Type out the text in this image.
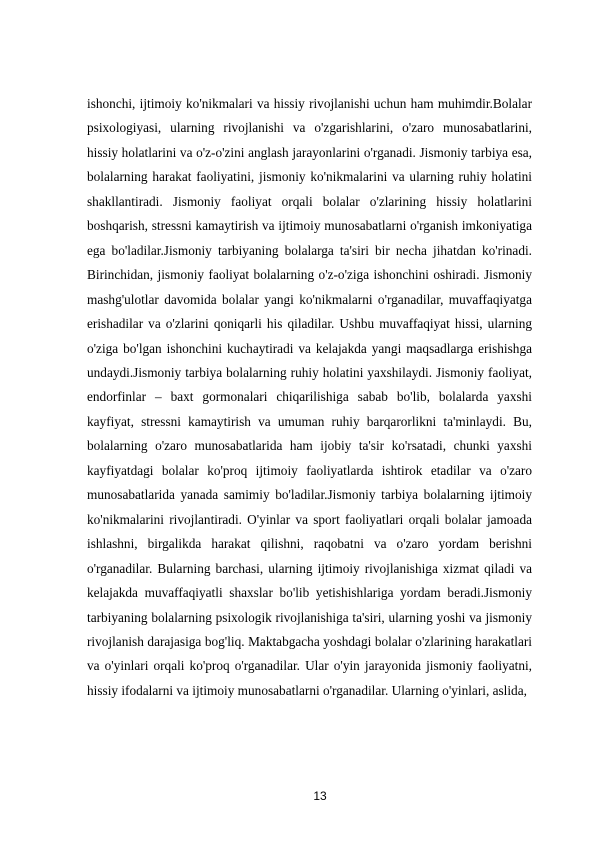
ishonchi, ijtimoiy ko'nikmalari va hissiy rivojlanishi uchun ham muhimdir.Bolalar psixologiyasi, ularning rivojlanishi va o'zgarishlarini, o'zaro munosabatlarini, hissiy holatlarini va o'z-o'zini anglash jarayonlarini o'rganadi. Jismoniy tarbiya esa, bolalarning harakat faoliyatini, jismoniy ko'nikmalarini va ularning ruhiy holatini shakllantiradi. Jismoniy faoliyat orqali bolalar o'zlarining hissiy holatlarini boshqarish, stressni kamaytirish va ijtimoiy munosabatlarni o'rganish imkoniyatiga ega bo'ladilar.Jismoniy tarbiyaning bolalarga ta'siri bir necha jihatdan ko'rinadi. Birinchidan, jismoniy faoliyat bolalarning o'z-o'ziga ishonchini oshiradi. Jismoniy mashg'ulotlar davomida bolalar yangi ko'nikmalarni o'rganadilar, muvaffaqiyatga erishadilar va o'zlarini qoniqarli his qiladilar. Ushbu muvaffaqiyat hissi, ularning o'ziga bo'lgan ishonchini kuchaytiradi va kelajakda yangi maqsadlarga erishishga undaydi.Jismoniy tarbiya bolalarning ruhiy holatini yaxshilaydi. Jismoniy faoliyat, endorfinlar – baxt gormonalari chiqarilishiga sabab bo'lib, bolalarda yaxshi kayfiyat, stressni kamaytirish va umuman ruhiy barqarorlikni ta'minlaydi. Bu, bolalarning o'zaro munosabatlarida ham ijobiy ta'sir ko'rsatadi, chunki yaxshi kayfiyatdagi bolalar ko'proq ijtimoiy faoliyatlarda ishtirok etadilar va o'zaro munosabatlarida yanada samimiy bo'ladilar.Jismoniy tarbiya bolalarning ijtimoiy ko'nikmalarini rivojlantiradi. O'yinlar va sport faoliyatlari orqali bolalar jamoada ishlashni, birgalikda harakat qilishni, raqobatni va o'zaro yordam berishni o'rganadilar. Bularning barchasi, ularning ijtimoiy rivojlanishiga xizmat qiladi va kelajakda muvaffaqiyatli shaxslar bo'lib yetishishlariga yordam beradi.Jismoniy tarbiyaning bolalarning psixologik rivojlanishiga ta'siri, ularning yoshi va jismoniy rivojlanish darajasiga bog'liq. Maktabgacha yoshdagi bolalar o'zlarining harakatlari va o'yinlari orqali ko'proq o'rganadilar. Ular o'yin jarayonida jismoniy faoliyatni, hissiy ifodalarni va ijtimoiy munosabatlarni o'rganadilar. Ularning o'yinlari, aslida,

13
